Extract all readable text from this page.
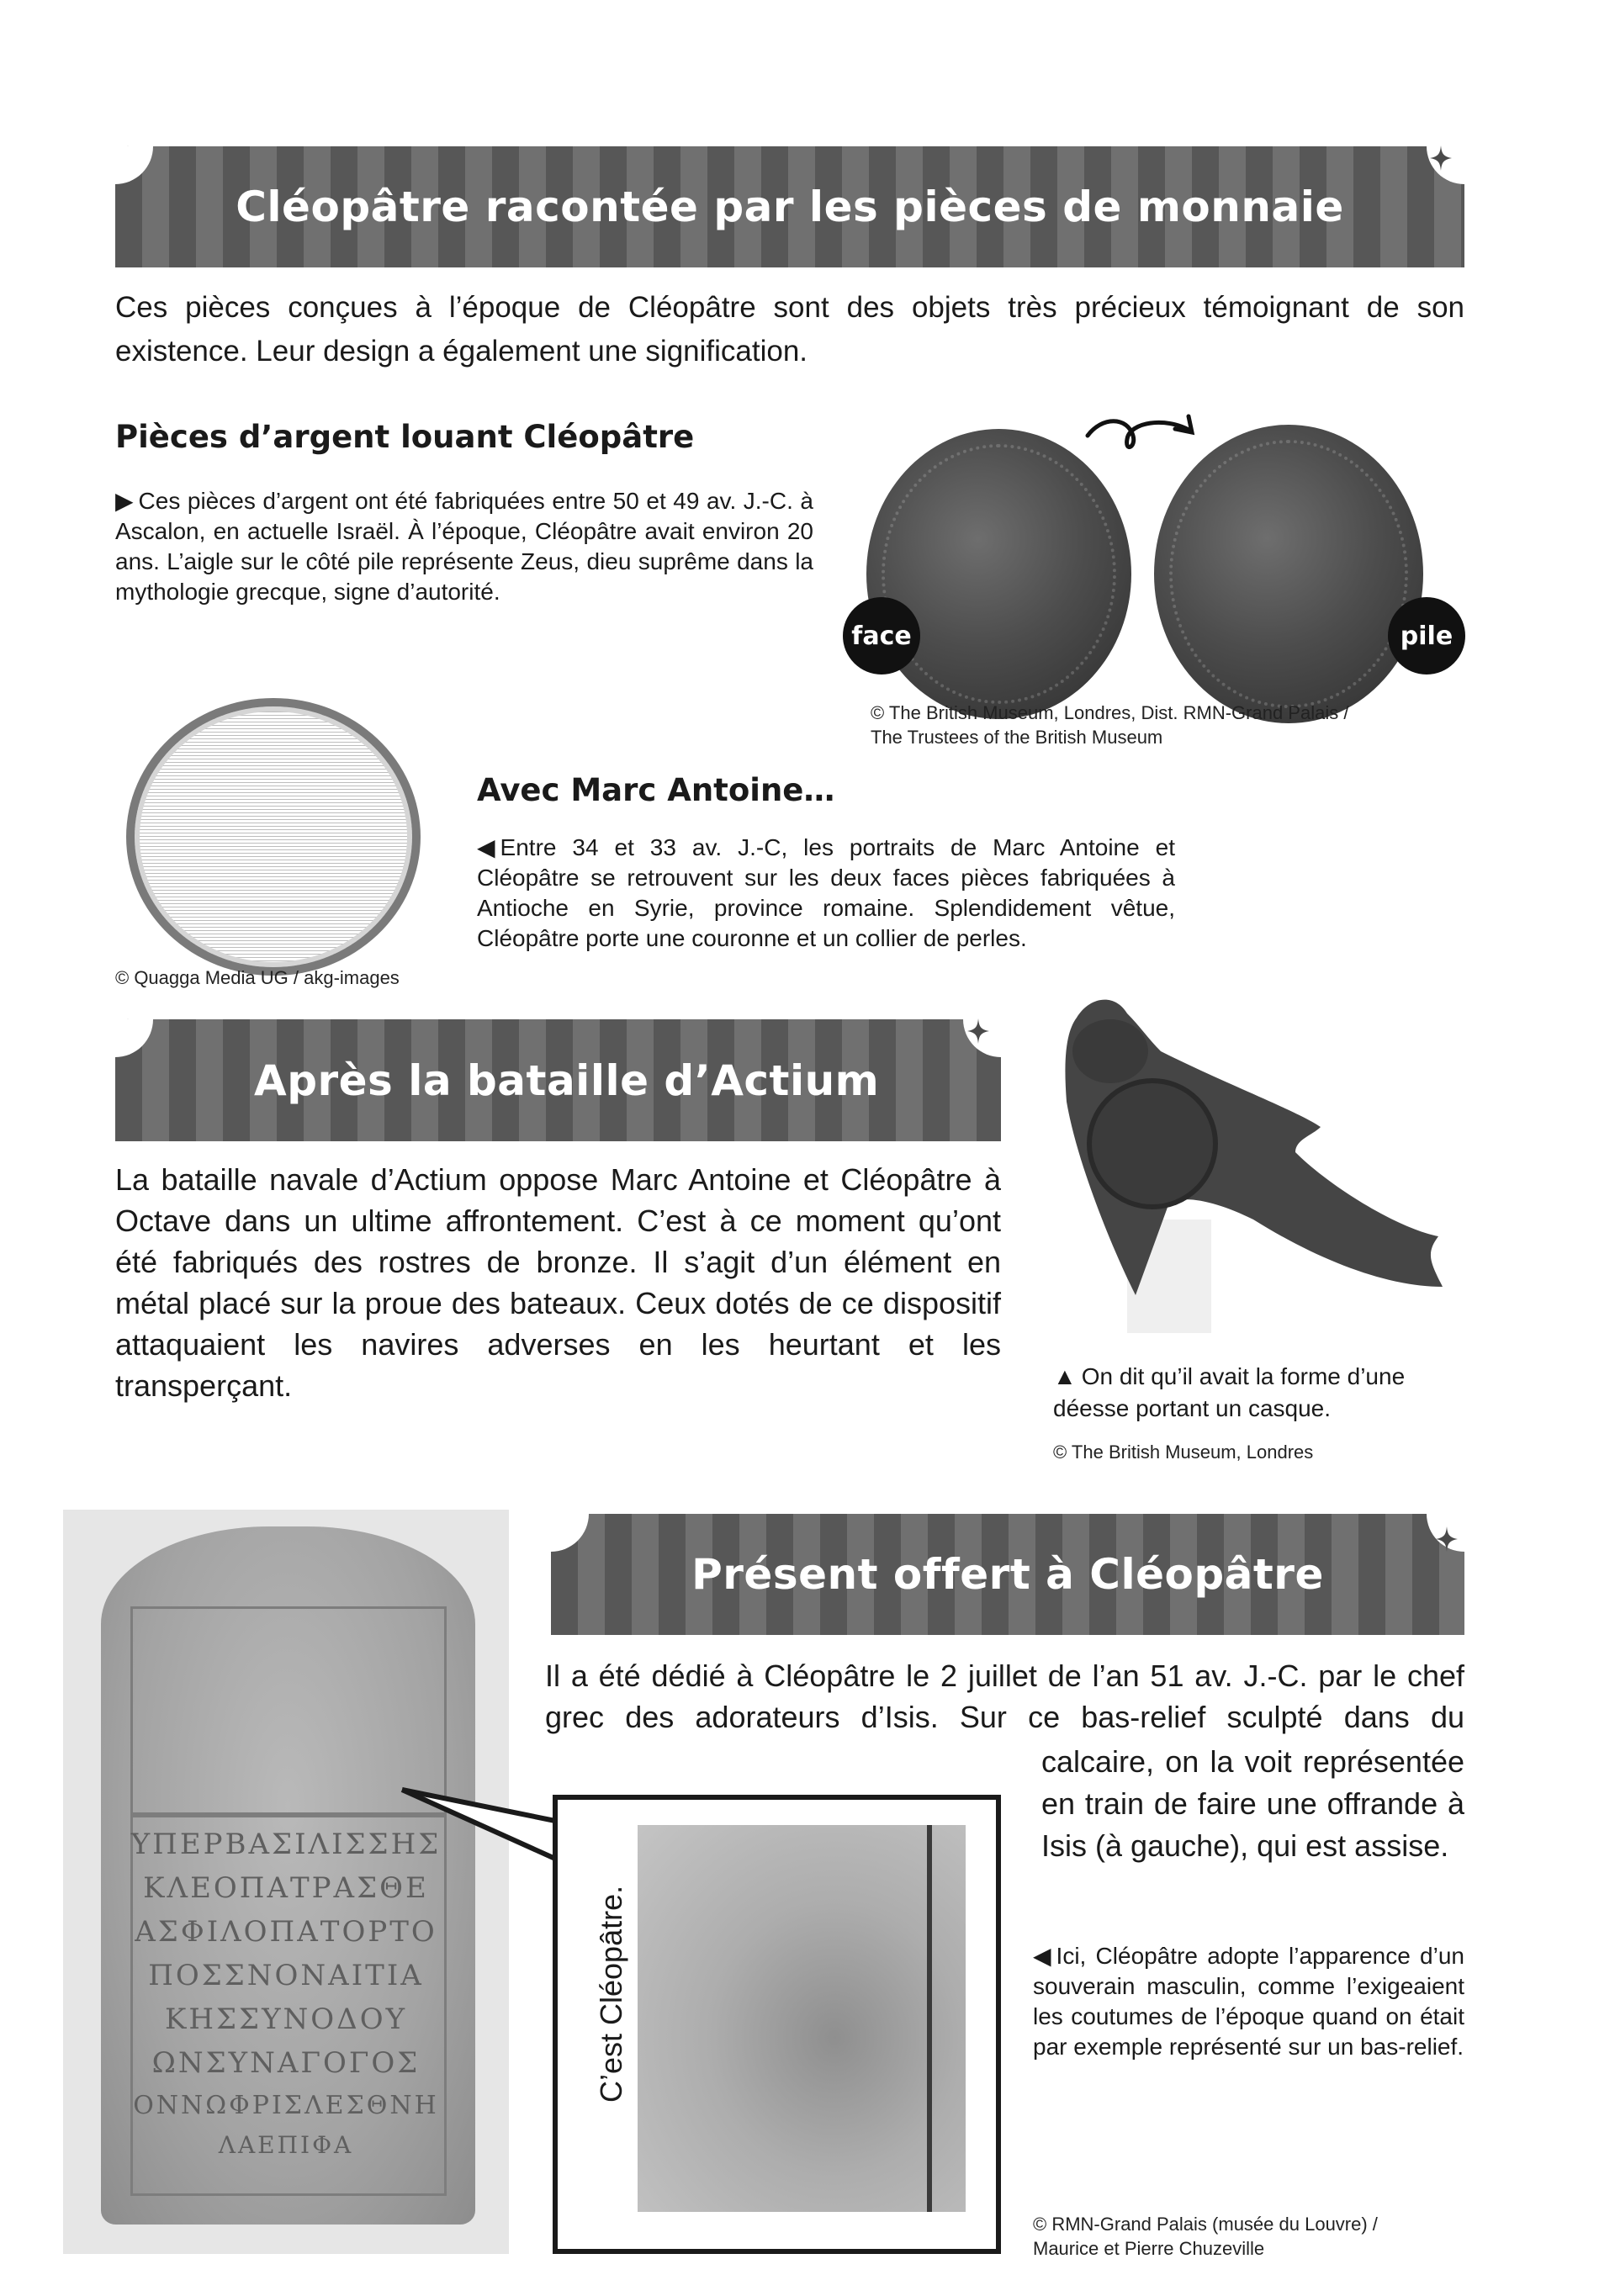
Cléopâtre racontée par les pièces de monnaie
Ces pièces conçues à l’époque de Cléopâtre sont des objets très précieux témoignant de son existence. Leur design a également une signification.
Pièces d’argent louant Cléopâtre
▶ Ces pièces d’argent ont été fabriquées entre 50 et 49 av. J.-C. à Ascalon, en actuelle Israël. À l’époque, Cléopâtre avait environ 20 ans. L’aigle sur le côté pile représente Zeus, dieu suprême dans la mythologie grecque, signe d’autorité.
face	pile
© The British Museum, Londres, Dist. RMN-Grand Palais /
The Trustees of the British Museum
© Quagga Media UG / akg-images
Avec Marc Antoine…
◀ Entre 34 et 33 av. J.-C, les portraits de Marc Antoine et Cléopâtre se retrouvent sur les deux faces pièces fabriquées à Antioche en Syrie, province romaine. Splendidement vêtue, Cléopâtre porte une couronne et un collier de perles.
Après la bataille d’Actium
La bataille navale d’Actium oppose Marc Antoine et Cléopâtre à Octave dans un ultime affrontement. C’est à ce moment qu’ont été fabriqués des rostres de bronze. Il s’agit d’un élément en métal placé sur la proue des bateaux. Ceux dotés de ce dispositif attaquaient les navires adverses en les heurtant et les transperçant.	▲ On dit qu’il avait la forme d’une déesse portant un casque.
© The British Museum, Londres
ΥΠΕΡΒΑΣΙΛΙΣΣΗΣ
ΚΛΕΟΠΑΤΡΑΣΘΕ
ΑΣΦΙΛΟΠΑΤΟΡΤΟ
ΠΟΣΣΝΟΝΑΙΤΙΑ
ΚΗΣΣΥΝΟΔΟΥ
ΩΝΣΥΝΑΓΟΓΟΣ
ΟΝΝΩΦΡΙΣΛΕΣΘΝΗ
ΛΑΕΠΙΦΑ
C’est Cléopâtre.
Présent offert à Cléopâtre
Il a été dédié à Cléopâtre le 2 juillet de l’an 51 av. J.-C. par le chef grec des adorateurs d’Isis. Sur ce bas-relief sculpté dans du
calcaire, on la voit représentée en train de faire une offrande à Isis (à gauche), qui est assise.
◀ Ici, Cléopâtre adopte l’apparence d’un souverain masculin, comme l’exigeaient les coutumes de l’époque quand on était par exemple représenté sur un bas-relief.
© RMN-Grand Palais (musée du Louvre) /
Maurice et Pierre Chuzeville
